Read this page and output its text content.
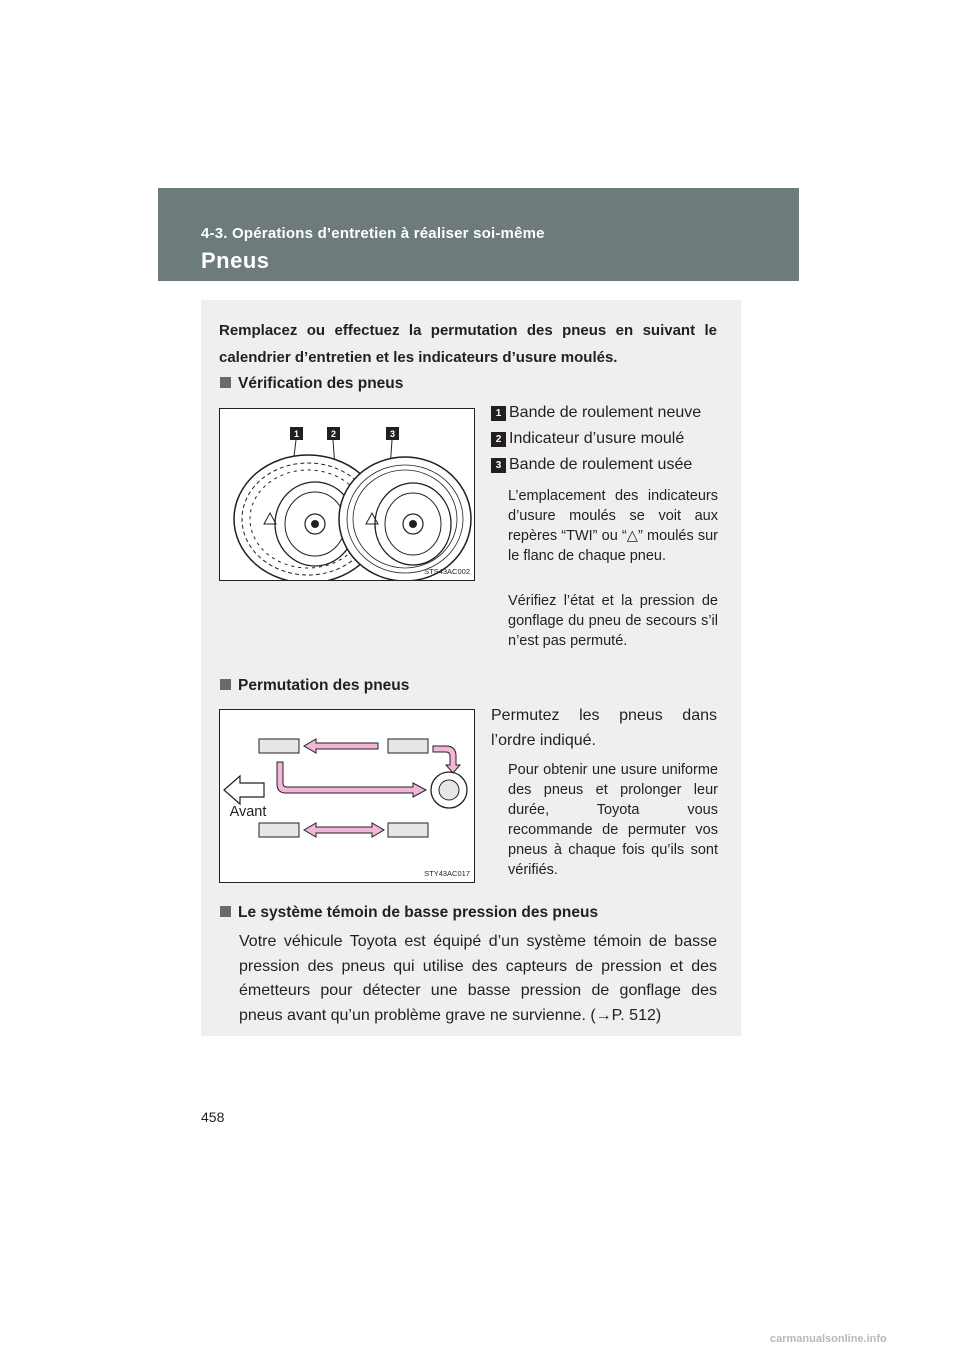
4-3. Opérations d’entretien à réaliser soi-même
Pneus
Remplacez ou effectuez la permutation des pneus en suivant le calendrier d’entretien et les indicateurs d’usure moulés.
Vérification des pneus
1	2	3
STS43AC002
1 Bande de roulement neuve
2 Indicateur d’usure moulé
3 Bande de roulement usée
L’emplacement des indicateurs d’usure moulés se voit aux repères “TWI” ou “△” moulés sur le flanc de chaque pneu.
Vérifiez l’état et la pression de gonflage du pneu de secours s’il n’est pas permuté.
Permutation des pneus
Avant
STY43AC017
Permutez les pneus dans l’ordre indiqué.
Pour obtenir une usure uniforme des pneus et prolonger leur durée, Toyota vous recommande de permuter vos pneus à chaque fois qu’ils sont vérifiés.
Le système témoin de basse pression des pneus
Votre véhicule Toyota est équipé d’un système témoin de basse pression des pneus qui utilise des capteurs de pression et des émetteurs pour détecter une basse pression de gonflage des pneus avant qu’un problème grave ne survienne. (→P. 512)
458
carmanualsonline.info
